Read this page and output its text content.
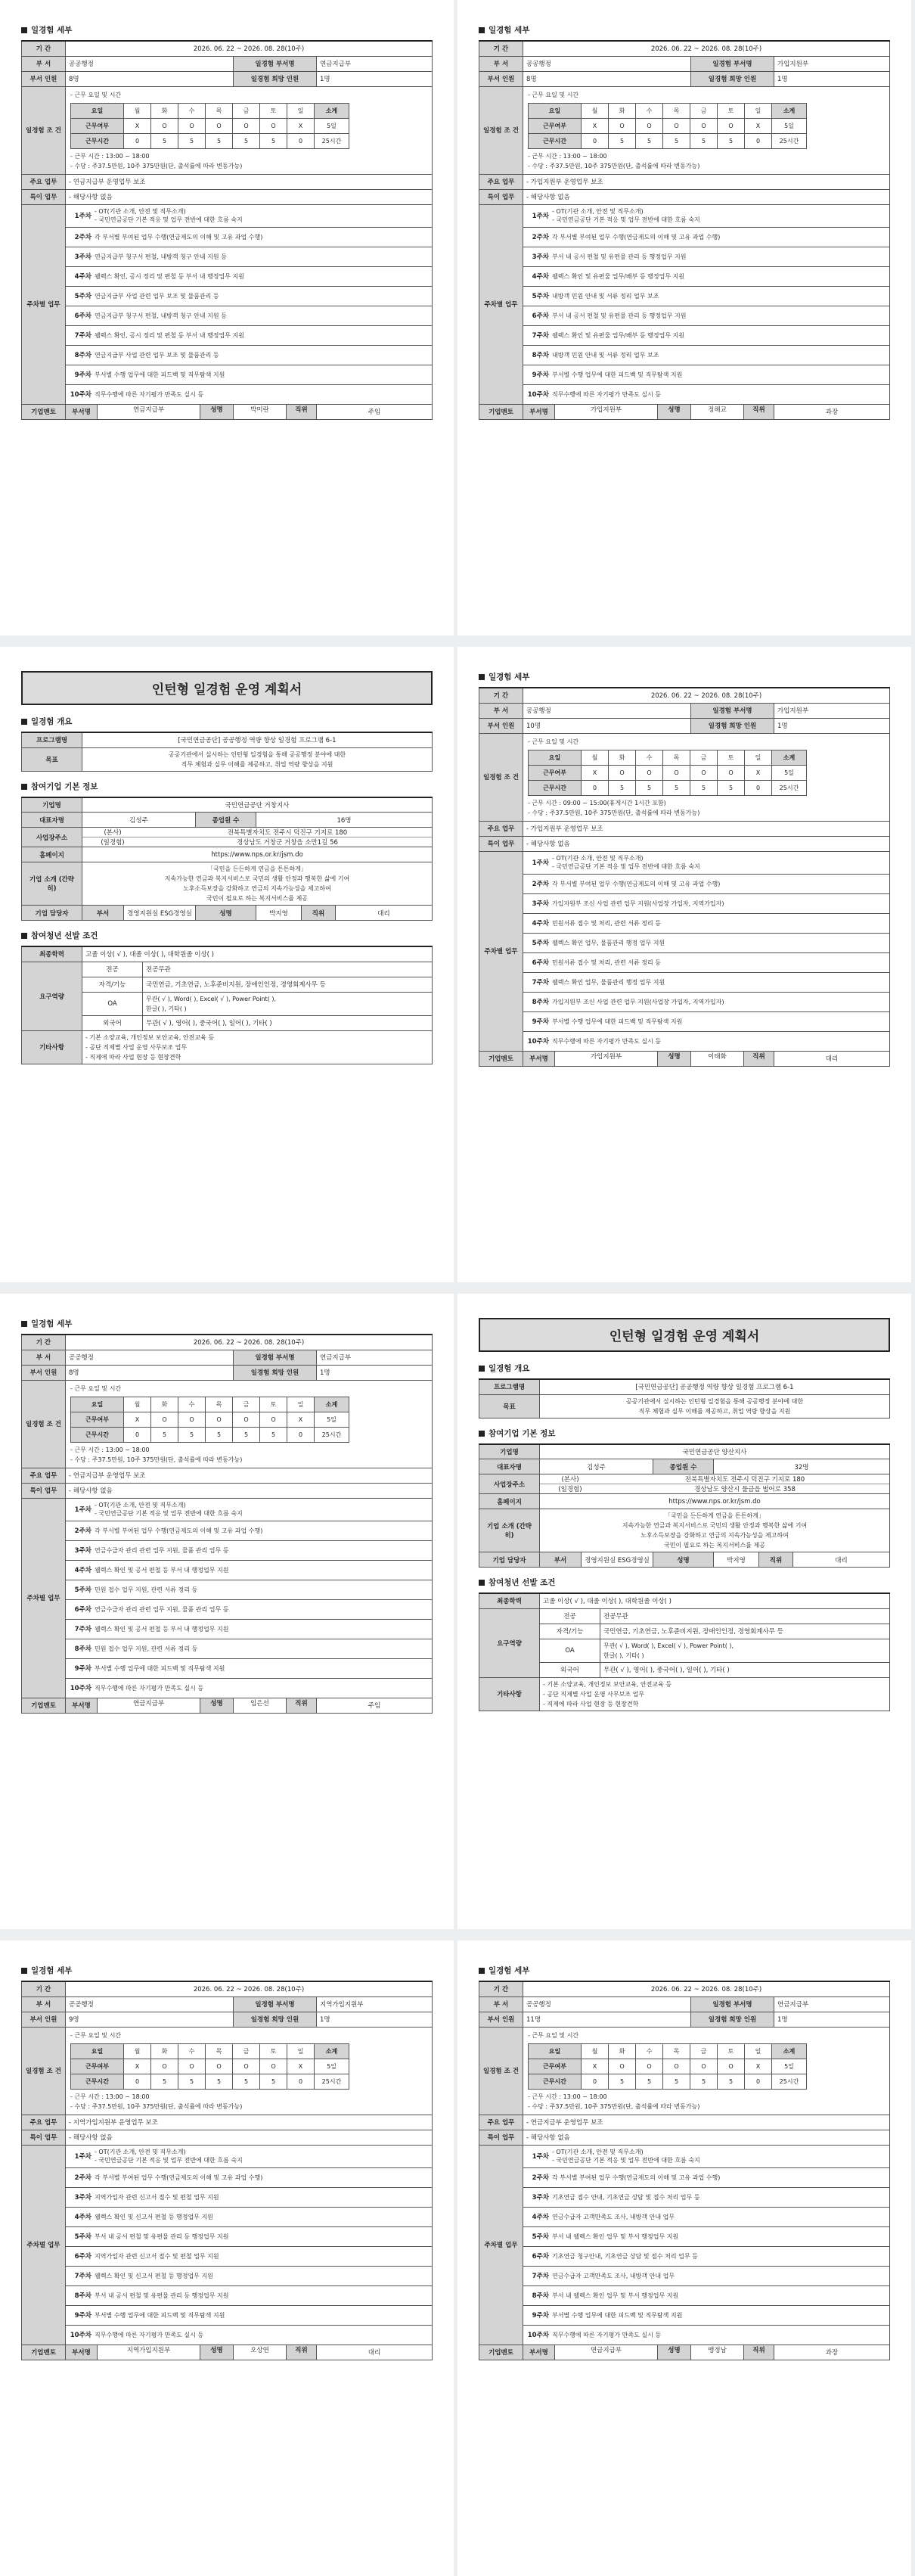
일경험 세부
기 간	2026. 06. 22 ~ 2026. 08. 28(10주)
부 서	공공행정	일경험 부서명	연금지급부
부서 인원	8명	일경험 희망 인원	1명
일경험 조 건	
- 근무 요일 및 시간
요일	월	화	수	목	금	토	일	소계
근무여부	X	O	O	O	O	O	X	5일
근무시간	0	5	5	5	5	5	0	25시간
- 근무 시간 : 13:00 ~ 18:00
- 수당 : 주37.5만원, 10주 375만원(단, 출석률에 따라 변동가능)

주요 업무	- 연금지급부 운영업무 보조
특이 업무	- 해당사항 없음
주차별 업무	
1주차
- OT(기관 소개, 안전 및 직무소개)
- 국민연금공단 기본 적응 및 업무 전반에 대한 흐름 숙지

2주차 각 부서별 부여된 업무 수행(연금제도의 이해 및 고유 과업 수행)

3주차 연금지급부 청구서 편철, 내방객 청구 안내 지원 등

4주차 웰렉스 확인, 공시 정리 및 편철 등 부서 내 행정업무 지원

5주차 연금지급부 사업 관련 업무 보조 및 물품관리 등

6주차 연금지급부 청구서 편철, 내방객 청구 안내 지원 등

7주차 웰렉스 확인, 공시 정리 및 편철 등 부서 내 행정업무 지원

8주차 연금지급부 사업 관련 업무 보조 및 물품관리 등

9주차 부서별 수행 업무에 대한 피드백 및 직무탐색 지원

10주차 직무수행에 따른 자기평가 만족도 실시 등

기업멘토	부서명	연금지급부	성명	박미란	직위	주임
일경험 세부
기 간	2026. 06. 22 ~ 2026. 08. 28(10주)
부 서	공공행정	일경험 부서명	가입지원부
부서 인원	8명	일경험 희망 인원	1명
일경험 조 건	
- 근무 요일 및 시간
요일	월	화	수	목	금	토	일	소계
근무여부	X	O	O	O	O	O	X	5일
근무시간	0	5	5	5	5	5	0	25시간
- 근무 시간 : 13:00 ~ 18:00
- 수당 : 주37.5만원, 10주 375만원(단, 출석률에 따라 변동가능)

주요 업무	- 가입지원부 운영업무 보조
특이 업무	- 해당사항 없음
주차별 업무	
1주차
- OT(기관 소개, 안전 및 직무소개)
- 국민연금공단 기본 적응 및 업무 전반에 대한 흐름 숙지

2주차 각 부서별 부여된 업무 수행(연금제도의 이해 및 고유 과업 수행)

3주차 부서 내 공서 편철 및 유편물 관리 등 행정업무 지원

4주차 웰렉스 확인 및 유편물 업무/배부 등 행정업무 지원

5주차 내방객 민원 안내 및 서류 정리 업무 보조

6주차 부서 내 공서 편철 및 유편물 관리 등 행정업무 지원

7주차 웰렉스 확인 및 유편물 업무/배부 등 행정업무 지원

8주차 내방객 민원 안내 및 서류 정리 업무 보조

9주차 부서별 수행 업무에 대한 피드백 및 직무탐색 지원

10주차 직무수행에 따른 자기평가 만족도 실시 등

기업멘토	부서명	가입지원부	성명	정해교	직위	과장
인턴형 일경험 운영 계획서
일경험 개요
프로그램명	[국민연금공단] 공공행정 역량 향상 일경험 프로그램 6-1
목표	공공기관에서 실시하는 인턴형 일경험을 통해 공공행정 분야에 대한
직무 체험과 실무 이해를 제공하고, 취업 역량 향상을 지원
참여기업 기본 정보
기업명	국민연금공단 거창지사					
대표자명	김성주		종업원 수	16명		
사업장주소	(본사) 전북특별자치도 전주시 덕진구 기지로 180
(일경험) 경상남도 거창군 거창읍 소만1길 56					

홈페이지	https://www.nps.or.kr/jsm.do					
기업 소개 (간략히)	「국민을 든든하게 연금을 튼튼하게」
지속가능한 연금과 복지서비스로 국민의 생활 안정과 행복한 삶에 기여
노후소득보장을 강화하고 연금의 지속가능성을 제고하여
국민이 필요로 하는 복지서비스를 제공					

기업 담당자	부서	경영지원실 ESG경영실	성명	박지영	직위	대리
참여청년 선발 조건
최종학력	고졸 이상( √ ), 대졸 이상( ), 대학원졸 이상( )	
요구역량	전공	전공무관
	자격/기능	국민연금, 기초연금, 노후준비지원, 장애인인정, 경영회계사무 등
	OA	무관( √ ), Word( ), Excel( √ ), Power Point( ),
한글( ), 기타( )

	외국어	무관( √ ), 영어( ), 중국어( ), 일어( ), 기타( )
기타사항	- 기본 소양교육, 개인정보 보안교육, 안전교육 등
- 공단 직제별 사업 운영 사무보조 업무
- 직제에 따라 사업 현장 등 현장견학	
일경험 세부
기 간	2026. 06. 22 ~ 2026. 08. 28(10주)
부 서	공공행정	일경험 부서명	가입지원부
부서 인원	10명	일경험 희망 인원	1명
일경험 조 건	
- 근무 요일 및 시간
요일	월	화	수	목	금	토	일	소계
근무여부	X	O	O	O	O	O	X	5일
근무시간	0	5	5	5	5	5	0	25시간
- 근무 시간 : 09:00 ~ 15:00(휴게시간 1시간 포함)
- 수당 : 주37.5만원, 10주 375만원(단, 출석률에 따라 변동가능)

주요 업무	- 가입지원부 운영업무 보조
특이 업무	- 해당사항 없음
주차별 업무	
1주차
- OT(기관 소개, 안전 및 직무소개)
- 국민연금공단 기본 적응 및 업무 전반에 대한 흐름 숙지

2주차 각 부서별 부여된 업무 수행(연금제도의 이해 및 고유 과업 수행)

3주차 가입자원부 조신 사업 관련 업무 지원(사업장 가입자, 지역가입자)

4주차 민원서류 접수 및 처리, 관련 서류 정리 등

5주차 웰렉스 확인 업무, 물품관리 행정 업무 지원

6주차 민원서류 접수 및 처리, 관련 서류 정리 등

7주차 웰렉스 확인 업무, 물품관리 행정 업무 지원

8주차 가입지원부 조신 사업 관련 업무 지원(사업장 가입자, 지역가입자)

9주차 부서별 수행 업무에 대한 피드백 및 직무탐색 지원

10주차 직무수행에 따른 자기평가 만족도 실시 등

기업멘토	부서명	가입지원부	성명	이태화	직위	대리
일경험 세부
기 간	2026. 06. 22 ~ 2026. 08. 28(10주)
부 서	공공행정	일경험 부서명	연금지급부
부서 인원	8명	일경험 희망 인원	1명
일경험 조 건	
- 근무 요일 및 시간
요일	월	화	수	목	금	토	일	소계
근무여부	X	O	O	O	O	O	X	5일
근무시간	0	5	5	5	5	5	0	25시간
- 근무 시간 : 13:00 ~ 18:00
- 수당 : 주37.5만원, 10주 375만원(단, 출석률에 따라 변동가능)

주요 업무	- 연금지급부 운영업무 보조
특이 업무	- 해당사항 없음
주차별 업무	
1주차
- OT(기관 소개, 안전 및 직무소개)
- 국민연금공단 기본 적응 및 업무 전반에 대한 흐름 숙지

2주차 각 부서별 부여된 업무 수행(연금제도의 이해 및 고유 과업 수행)

3주차 연금수급자 관리 관련 업무 지원, 물품 관리 업무 등

4주차 웰렉스 확인 및 공서 편철 등 부서 내 행정업무 지원

5주차 민원 접수 업무 지원, 관련 서류 정리 등

6주차 연금수급자 관리 관련 업무 지원, 물품 관리 업무 등

7주차 웰렉스 확인 및 공서 편철 등 부서 내 행정업무 지원

8주차 민원 접수 업무 지원, 관련 서류 정리 등

9주차 부서별 수행 업무에 대한 피드백 및 직무탐색 지원

10주차 직무수행에 따른 자기평가 만족도 실시 등

기업멘토	부서명	연금지급부	성명	임은선	직위	주임
인턴형 일경험 운영 계획서
일경험 개요
프로그램명	[국민연금공단] 공공행정 역량 향상 일경험 프로그램 6-1
목표	공공기관에서 실시하는 인턴형 일경험을 통해 공공행정 분야에 대한
직무 체험과 실무 이해를 제공하고, 취업 역량 향상을 지원
참여기업 기본 정보
기업명	국민연금공단 양산지사					
대표자명	김성주		종업원 수	32명		
사업장주소	(본사) 전북특별자치도 전주시 덕진구 기지로 180
(일경험) 경상남도 양산시 물금읍 범어로 358					

홈페이지	https://www.nps.or.kr/jsm.do					
기업 소개 (간략히)	「국민을 든든하게 연금을 튼튼하게」
지속가능한 연금과 복지서비스로 국민의 생활 안정과 행복한 삶에 기여
노후소득보장을 강화하고 연금의 지속가능성을 제고하여
국민이 필요로 하는 복지서비스를 제공					

기업 담당자	부서	경영지원실 ESG경영실	성명	박지영	직위	대리
참여청년 선발 조건
최종학력	고졸 이상( √ ), 대졸 이상( ), 대학원졸 이상( )	
요구역량	전공	전공무관
	자격/기능	국민연금, 기초연금, 노후준비지원, 장애인인정, 경영회계사무 등
	OA	무관( √ ), Word( ), Excel( √ ), Power Point( ),
한글( ), 기타( )

	외국어	무관( √ ), 영어( ), 중국어( ), 일어( ), 기타( )
기타사항	- 기본 소양교육, 개인정보 보안교육, 안전교육 등
- 공단 직제별 사업 운영 사무보조 업무
- 직제에 따라 사업 현장 등 현장견학	
일경험 세부
기 간	2026. 06. 22 ~ 2026. 08. 28(10주)
부 서	공공행정	일경험 부서명	지역가입지원부
부서 인원	9명	일경험 희망 인원	1명
일경험 조 건	
- 근무 요일 및 시간
요일	월	화	수	목	금	토	일	소계
근무여부	X	O	O	O	O	O	X	5일
근무시간	0	5	5	5	5	5	0	25시간
- 근무 시간 : 13:00 ~ 18:00
- 수당 : 주37.5만원, 10주 375만원(단, 출석률에 따라 변동가능)

주요 업무	- 지역가입지원부 운영업무 보조
특이 업무	- 해당사항 없음
주차별 업무	
1주차
- OT(기관 소개, 안전 및 직무소개)
- 국민연금공단 기본 적응 및 업무 전반에 대한 흐름 숙지

2주차 각 부서별 부여된 업무 수행(연금제도의 이해 및 고유 과업 수행)

3주차 지역가입자 관련 신고서 접수 및 편철 업무 지원

4주차 웰렉스 확인 및 신고서 편철 등 행정업무 지원

5주차 부서 내 공서 편철 및 유편물 관리 등 행정업무 지원

6주차 지역가입자 관련 신고서 접수 및 편철 업무 지원

7주차 웰렉스 확인 및 신고서 편철 등 행정업무 지원

8주차 부서 내 공서 편철 및 유편물 관리 등 행정업무 지원

9주차 부서별 수행 업무에 대한 피드백 및 직무탐색 지원

10주차 직무수행에 따른 자기평가 만족도 실시 등

기업멘토	부서명	지역가입지원부	성명	오상연	직위	대리
일경험 세부
기 간	2026. 06. 22 ~ 2026. 08. 28(10주)
부 서	공공행정	일경험 부서명	연금지급부
부서 인원	11명	일경험 희망 인원	1명
일경험 조 건	
- 근무 요일 및 시간
요일	월	화	수	목	금	토	일	소계
근무여부	X	O	O	O	O	O	X	5일
근무시간	0	5	5	5	5	5	0	25시간
- 근무 시간 : 13:00 ~ 18:00
- 수당 : 주37.5만원, 10주 375만원(단, 출석률에 따라 변동가능)

주요 업무	- 연금지급부 운영업무 보조
특이 업무	- 해당사항 없음
주차별 업무	
1주차
- OT(기관 소개, 안전 및 직무소개)
- 국민연금공단 기본 적응 및 업무 전반에 대한 흐름 숙지

2주차 각 부서별 부여된 업무 수행(연금제도의 이해 및 고유 과업 수행)

3주차 기초연금 접수 안내, 기초연금 상담 및 접수 처리 업무 등

4주차 연금수급자 고객만족도 조사, 내방객 안내 업무

5주차 부서 내 웰렉스 확인 업무 및 부서 행정업무 지원

6주차 기초연금 청구안내, 기초연금 상담 및 접수 처리 업무 등

7주차 연금수급자 고객만족도 조사, 내방객 안내 업무

8주차 부서 내 웰렉스 확인 업무 및 부서 행정업무 지원

9주차 부서별 수행 업무에 대한 피드백 및 직무탐색 지원

10주차 직무수행에 따른 자기평가 만족도 실시 등

기업멘토	부서명	연금지급부	성명	맹정남	직위	과장
